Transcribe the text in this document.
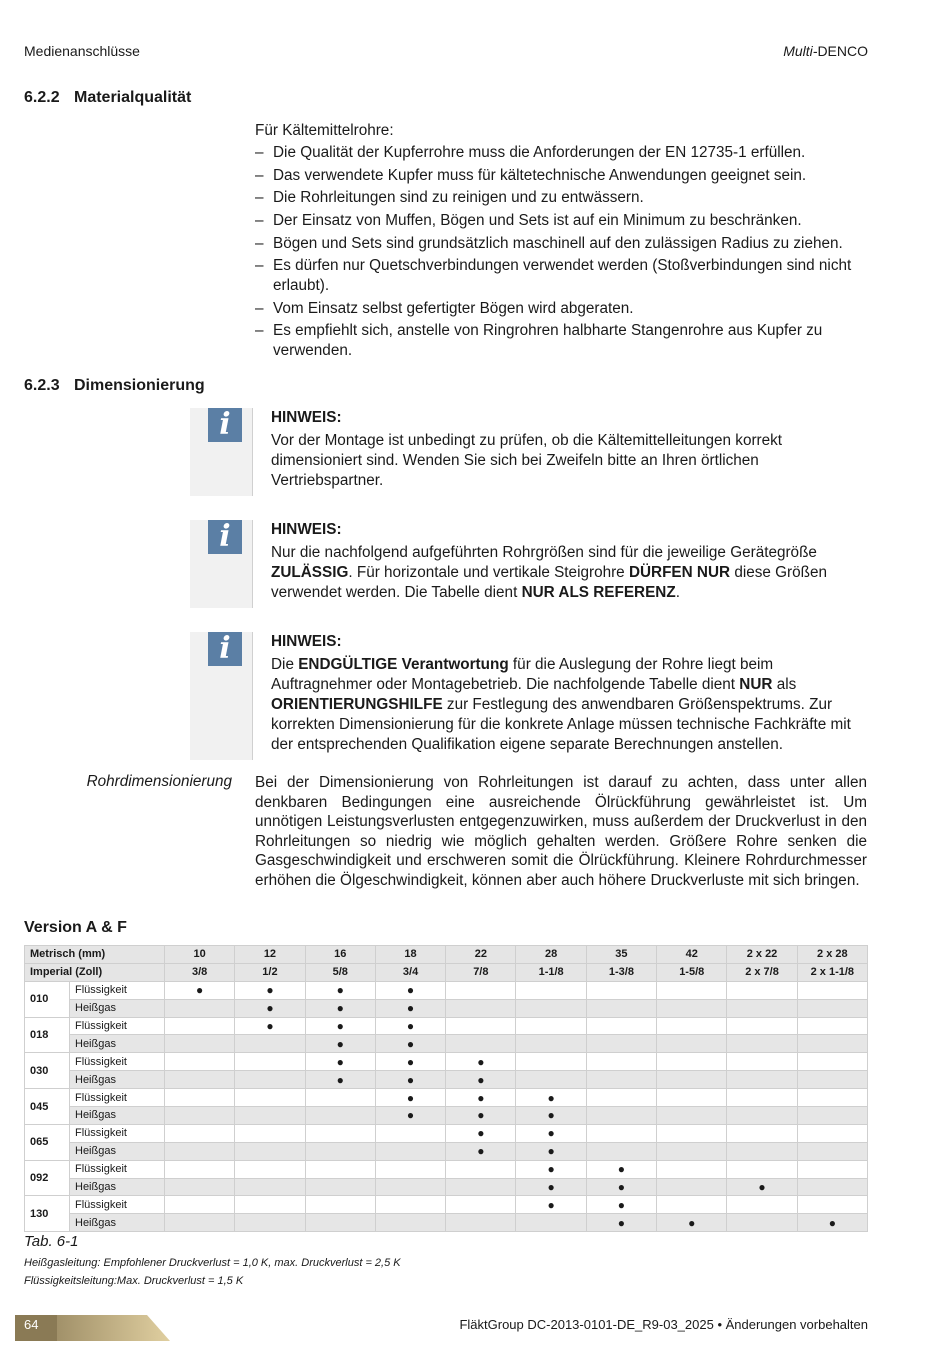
Medienanschlüsse	Multi-DENCO
6.2.2 Materialqualität
Für Kältemittelrohre:
– Die Qualität der Kupferrohre muss die Anforderungen der EN 12735-1 erfüllen.
– Das verwendete Kupfer muss für kältetechnische Anwendungen geeignet sein.
– Die Rohrleitungen sind zu reinigen und zu entwässern.
– Der Einsatz von Muffen, Bögen und Sets ist auf ein Minimum zu beschränken.
– Bögen und Sets sind grundsätzlich maschinell auf den zulässigen Radius zu ziehen.
– Es dürfen nur Quetschverbindungen verwendet werden (Stoßverbindungen sind nicht erlaubt).
– Vom Einsatz selbst gefertigter Bögen wird abgeraten.
– Es empfiehlt sich, anstelle von Ringrohren halbharte Stangenrohre aus Kupfer zu verwenden.
6.2.3 Dimensionierung
i	HINWEIS:
Vor der Montage ist unbedingt zu prüfen, ob die Kältemittelleitungen korrekt dimensioniert sind. Wenden Sie sich bei Zweifeln bitte an Ihren örtlichen Vertriebspartner.
i	HINWEIS:
Nur die nachfolgend aufgeführten Rohrgrößen sind für die jeweilige Gerätegröße ZULÄSSIG. Für horizontale und vertikale Steigrohre DÜRFEN NUR diese Größen verwendet werden. Die Tabelle dient NUR ALS REFERENZ.
i	HINWEIS:
Die ENDGÜLTIGE Verantwortung für die Auslegung der Rohre liegt beim Auftragnehmer oder Montagebetrieb. Die nachfolgende Tabelle dient NUR als ORIENTIERUNGSHILFE zur Festlegung des anwendbaren Größenspektrums. Zur korrekten Dimensionierung für die konkrete Anlage müssen technische Fachkräfte mit der entsprechenden Qualifikation eigene separate Berechnungen anstellen.
Rohrdimensionierung Bei der Dimensionierung von Rohrleitungen ist darauf zu achten, dass unter allen denkbaren Bedingungen eine ausreichende Ölrückführung gewährleistet ist. Um unnötigen Leistungsverlusten entgegenzuwirken, muss außerdem der Druckverlust in den Rohrleitungen so niedrig wie möglich gehalten werden. Größere Rohre senken die Gasgeschwindigkeit und erschweren somit die Ölrückführung. Kleinere Rohrdurchmesser erhöhen die Ölgeschwindigkeit, können aber auch höhere Druckverluste mit sich bringen.
Version A & F
Metrisch (mm)		10	12	16	18	22	28	35	42	2 x 22	2 x 28
Imperial (Zoll)		3/8	1/2	5/8	3/4	7/8	1-1/8	1-3/8	1-5/8	2 x 7/8	2 x 1-1/8
010	Flüssigkeit	●	●	●	●						
	Heißgas		●	●	●						
018	Flüssigkeit		●	●	●						
	Heißgas			●	●						
030	Flüssigkeit			●	●	●					
	Heißgas			●	●	●					
045	Flüssigkeit				●	●	●				
	Heißgas				●	●	●				
065	Flüssigkeit					●	●				
	Heißgas					●	●				
092	Flüssigkeit						●	●			
	Heißgas						●	●		●	
130	Flüssigkeit						●	●			
	Heißgas							●	●		●
Tab. 6-1
Heißgasleitung: Empfohlener Druckverlust = 1,0 K, max. Druckverlust = 2,5 K
Flüssigkeitsleitung:Max. Druckverlust = 1,5 K
64	FläktGroup DC-2013-0101-DE_R9-03_2025 • Änderungen vorbehalten
